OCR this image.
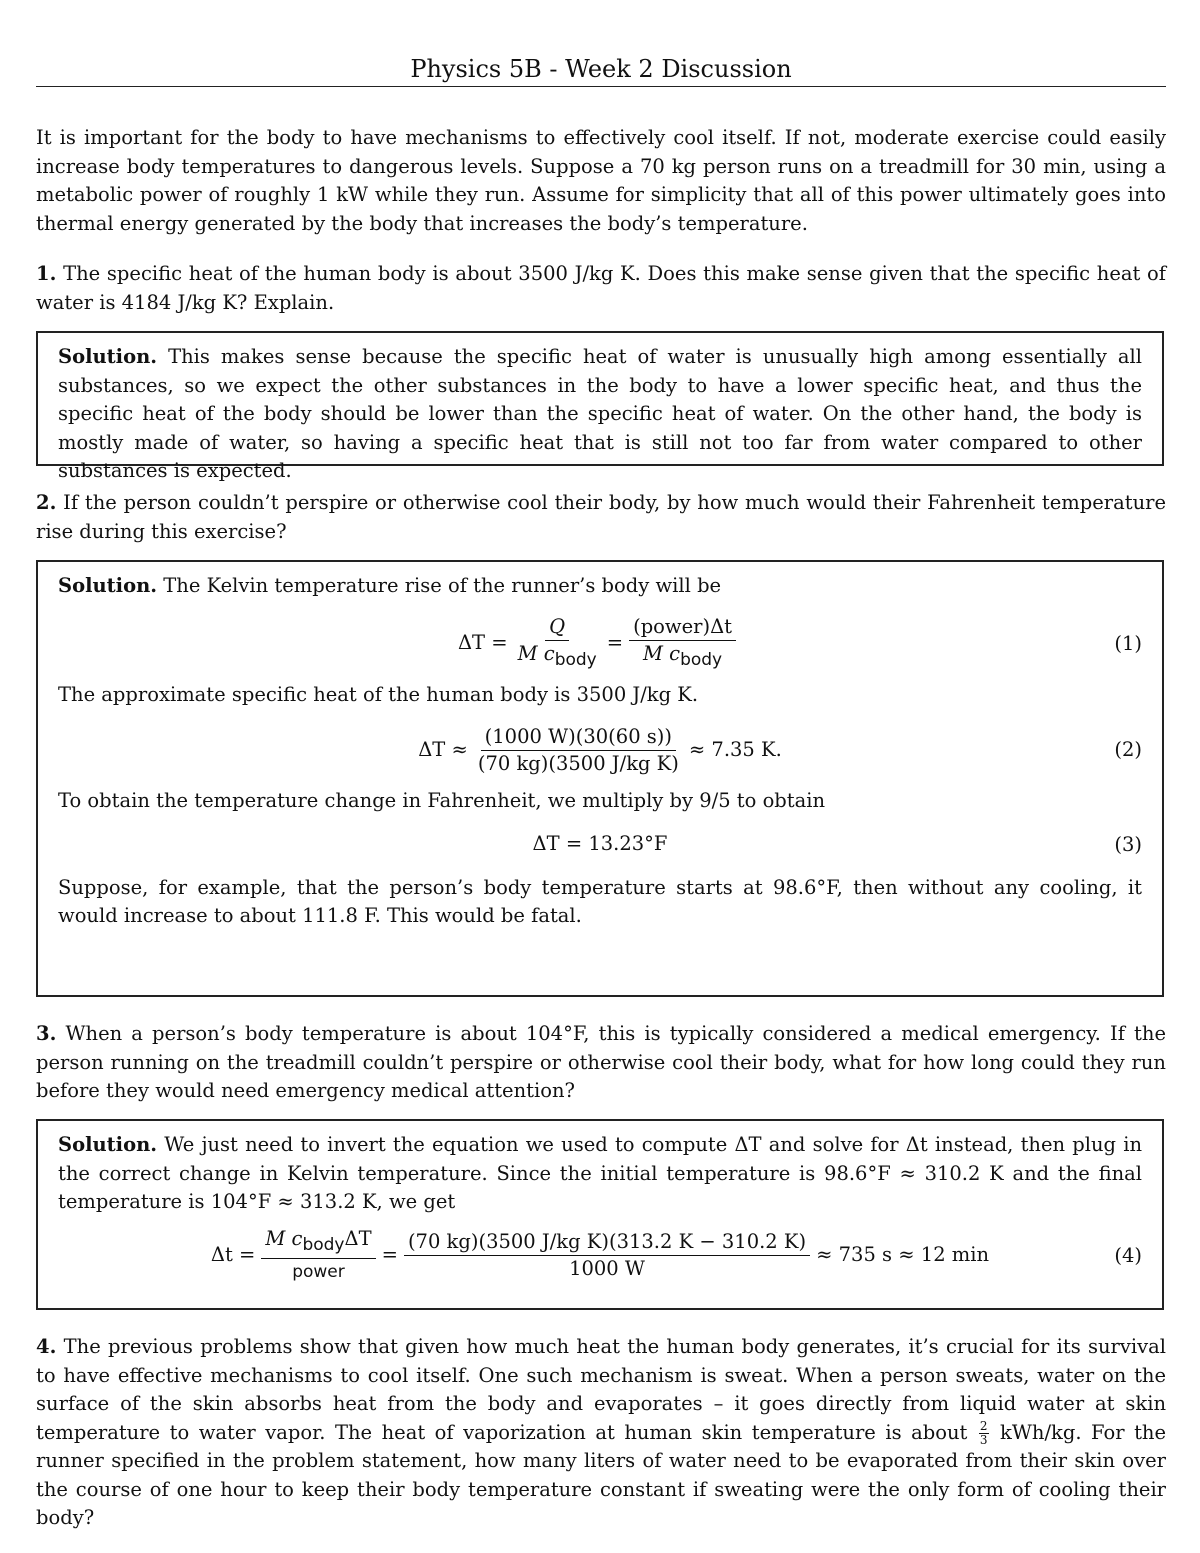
Physics 5B - Week 2 Discussion
It is important for the body to have mechanisms to effectively cool itself. If not, moderate exercise could easily increase body temperatures to dangerous levels. Suppose a 70 kg person runs on a treadmill for 30 min, using a metabolic power of roughly 1 kW while they run. Assume for simplicity that all of this power ultimately goes into thermal energy generated by the body that increases the body’s temperature.
1. The specific heat of the human body is about 3500 J/kg K. Does this make sense given that the specific heat of water is 4184 J/kg K? Explain.

Solution. This makes sense because the specific heat of water is unusually high among essentially all substances, so we expect the other substances in the body to have a lower specific heat, and thus the specific heat of the body should be lower than the specific heat of water. On the other hand, the body is mostly made of water, so having a specific heat that is still not too far from water compared to other substances is expected.

2. If the person couldn’t perspire or otherwise cool their body, by how much would their Fahrenheit temperature rise during this exercise?

Solution. The Kelvin temperature rise of the runner’s body will be

$\Delta T = \frac{Q}{M c_{body}} = \frac{\text{(power)Δt}}{M c_{body}}$	(1)

The approximate specific heat of the human body is 3500 J/kg K.

$\Delta T \approx \frac{(1000 W)(30(60 s))}{\text{(70 kg)(3500 J/kg K)}} \approx 7.35$ K.	(2)

To obtain the temperature change in Fahrenheit, we multiply by 9/5 to obtain

ΔT = 13.23°F	(3)

Suppose, for example, that the person’s body temperature starts at 98.6°F, then without any cooling, it would increase to about 111.8 F. This would be fatal.

3. When a person’s body temperature is about 104°F, this is typically considered a medical emergency. If the person running on the treadmill couldn’t perspire or otherwise cool their body, what for how long could they run before they would need emergency medical attention?

Solution. We just need to invert the equation we used to compute ΔT and solve for Δt instead, then plug in the correct change in Kelvin temperature. Since the initial temperature is 98.6°F ≈ 310.2 K and the final temperature is 104°F ≈ 313.2 K, we get

$\Delta t = \frac{M c_{body}\Delta T}{\text{power}} = \frac{\text{(70 kg)(3500 J/kg K)(313.2 K − 310.2 K)}}{1000 W} \approx 735$ s ≈ 12 min	(4)
4. The previous problems show that given how much heat the human body generates, it’s crucial for its survival to have effective mechanisms to cool itself. One such mechanism is sweat. When a person sweats, water on the surface of the skin absorbs heat from the body and evaporates – it goes directly from liquid water at skin temperature to water vapor. The heat of vaporization at human skin temperature is about $\frac{2}{3} kWh/kg$. For the runner specified in the problem statement, how many liters of water need to be evaporated from their skin over the course of one hour to keep their body temperature constant if sweating were the only form of cooling their body?
